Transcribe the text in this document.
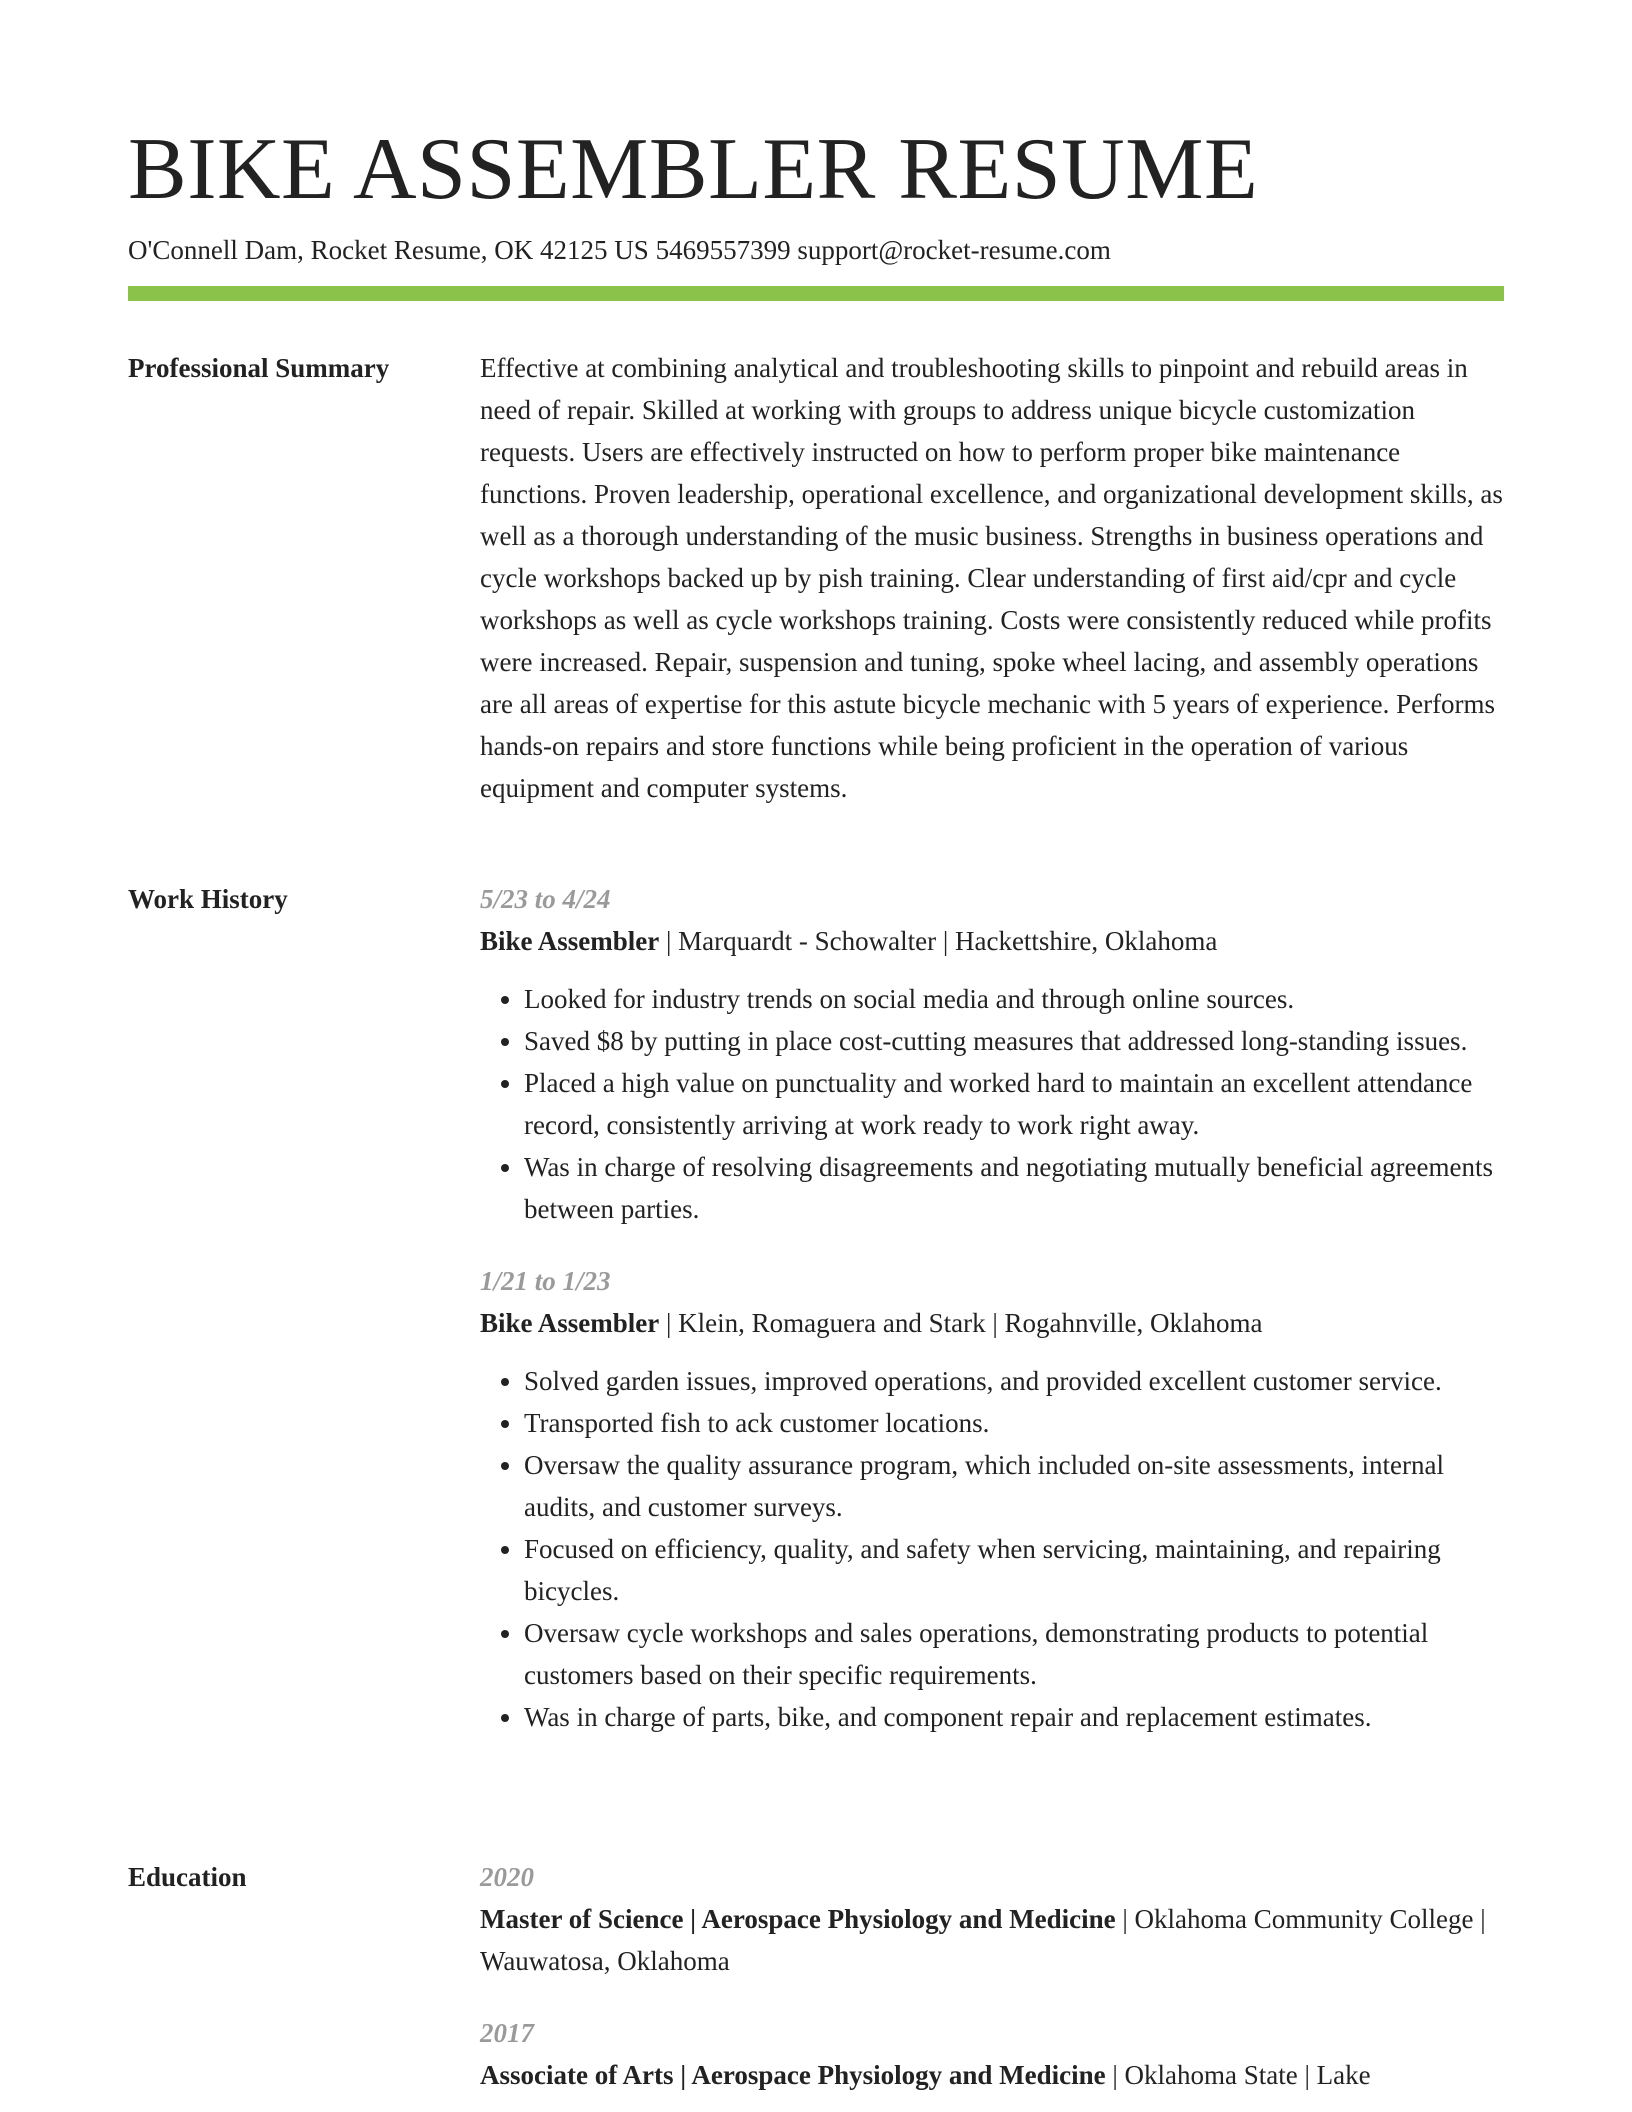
BIKE ASSEMBLER RESUME
O'Connell Dam, Rocket Resume, OK 42125 US 5469557399 support@rocket-resume.com
Professional Summary	Effective at combining analytical and troubleshooting skills to pinpoint and rebuild areas in need of repair. Skilled at working with groups to address unique bicycle customization requests. Users are effectively instructed on how to perform proper bike maintenance functions. Proven leadership, operational excellence, and organizational development skills, as well as a thorough understanding of the music business. Strengths in business operations and cycle workshops backed up by pish training. Clear understanding of first aid/cpr and cycle workshops as well as cycle workshops training. Costs were consistently reduced while profits were increased. Repair, suspension and tuning, spoke wheel lacing, and assembly operations are all areas of expertise for this astute bicycle mechanic with 5 years of experience. Performs hands-on repairs and store functions while being proficient in the operation of various equipment and computer systems.

Work History	5/23 to 4/24
Bike Assembler | Marquardt - Schowalter | Hackettshire, Oklahoma
• Looked for industry trends on social media and through online sources.
• Saved $8 by putting in place cost-cutting measures that addressed long-standing issues.
• Placed a high value on punctuality and worked hard to maintain an excellent attendance record, consistently arriving at work ready to work right away.
• Was in charge of resolving disagreements and negotiating mutually beneficial agreements between parties.
1/21 to 1/23
Bike Assembler | Klein, Romaguera and Stark | Rogahnville, Oklahoma
• Solved garden issues, improved operations, and provided excellent customer service.
• Transported fish to ack customer locations.
• Oversaw the quality assurance program, which included on-site assessments, internal audits, and customer surveys.
• Focused on efficiency, quality, and safety when servicing, maintaining, and repairing bicycles.
• Oversaw cycle workshops and sales operations, demonstrating products to potential customers based on their specific requirements.
• Was in charge of parts, bike, and component repair and replacement estimates.
Education	2020
Master of Science | Aerospace Physiology and Medicine | Oklahoma Community College | Wauwatosa, Oklahoma
2017
Associate of Arts | Aerospace Physiology and Medicine | Oklahoma State | Lake
